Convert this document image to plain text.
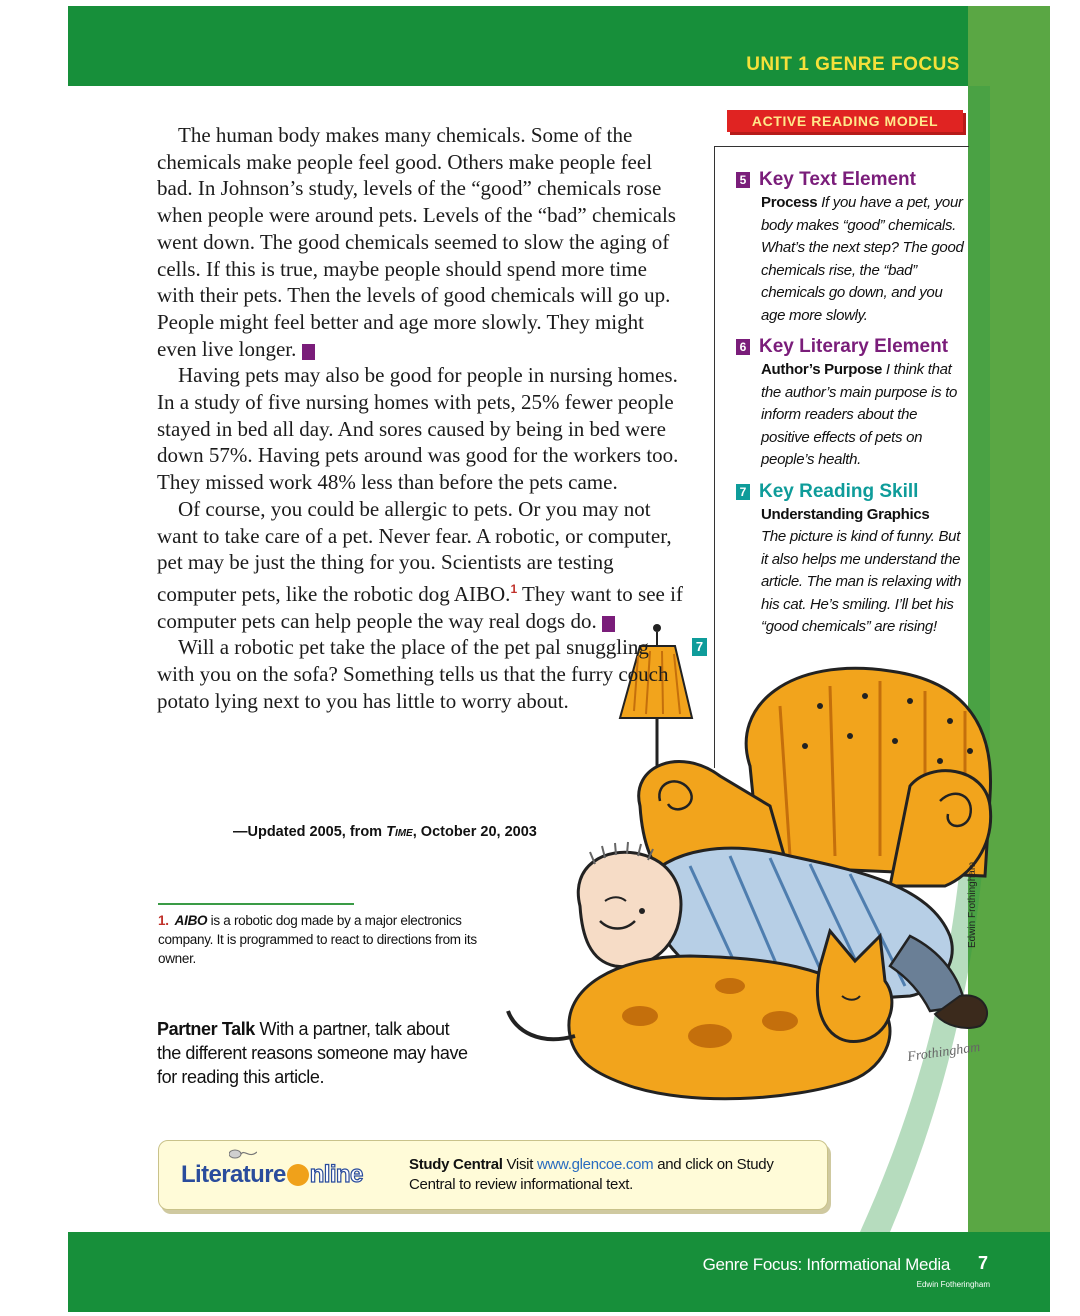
UNIT 1 GENRE FOCUS
ACTIVE READING MODEL
Frothingham
7
Edwin Frothingham

The human body makes many chemicals. Some of the chemicals make people feel good. Others make people feel bad. In Johnson’s study, levels of the “good” chemicals rose when people were around pets. Levels of the “bad” chemicals went down. The good chemicals seemed to slow the aging of cells. If this is true, maybe people should spend more time with their pets. Then the levels of good chemicals will go up. People might feel better and age more slowly. They might even live longer. 5

Having pets may also be good for people in nursing homes. In a study of five nursing homes with pets, 25% fewer people stayed in bed all day. And sores caused by being in bed were down 57%. Having pets around was good for the workers too. They missed work 48% less than before the pets came.

Of course, you could be allergic to pets. Or you may not want to take care of a pet. Never fear. A robotic, or computer, pet may be just the thing for you. Scientists are testing computer pets, like the robotic dog AIBO.$^1$ They want to see if computer pets can help people the way real dogs do. 6

Will a robotic pet take the place of the pet pal snuggling with you on the sofa? Something tells us that the furry couch potato lying next to you has little to worry about.

—Updated 2005, from Time, October 20, 2003
5 Key Text Element
Process If you have a pet, your body makes “good” chemicals. What’s the next step? The good chemicals rise, the “bad” chemicals go down, and you age more slowly.
6 Key Literary Element
Author’s Purpose I think that the author’s main purpose is to inform readers about the positive effects of pets on people’s health.
7 Key Reading Skill
Understanding Graphics
The picture is kind of funny. But it also helps me understand the article. The man is relaxing with his cat. He’s smiling. I’ll bet his “good chemicals” are rising!
1. AIBO is a robotic dog made by a major electronics company. It is programmed to react to directions from its owner.
Partner Talk With a partner, talk about the different reasons someone may have for reading this article.
Literature nline	Study Central Visit www.glencoe.com and click on Study Central to review informational text.
Genre Focus: Informational Media 7
Edwin Fotheringham
